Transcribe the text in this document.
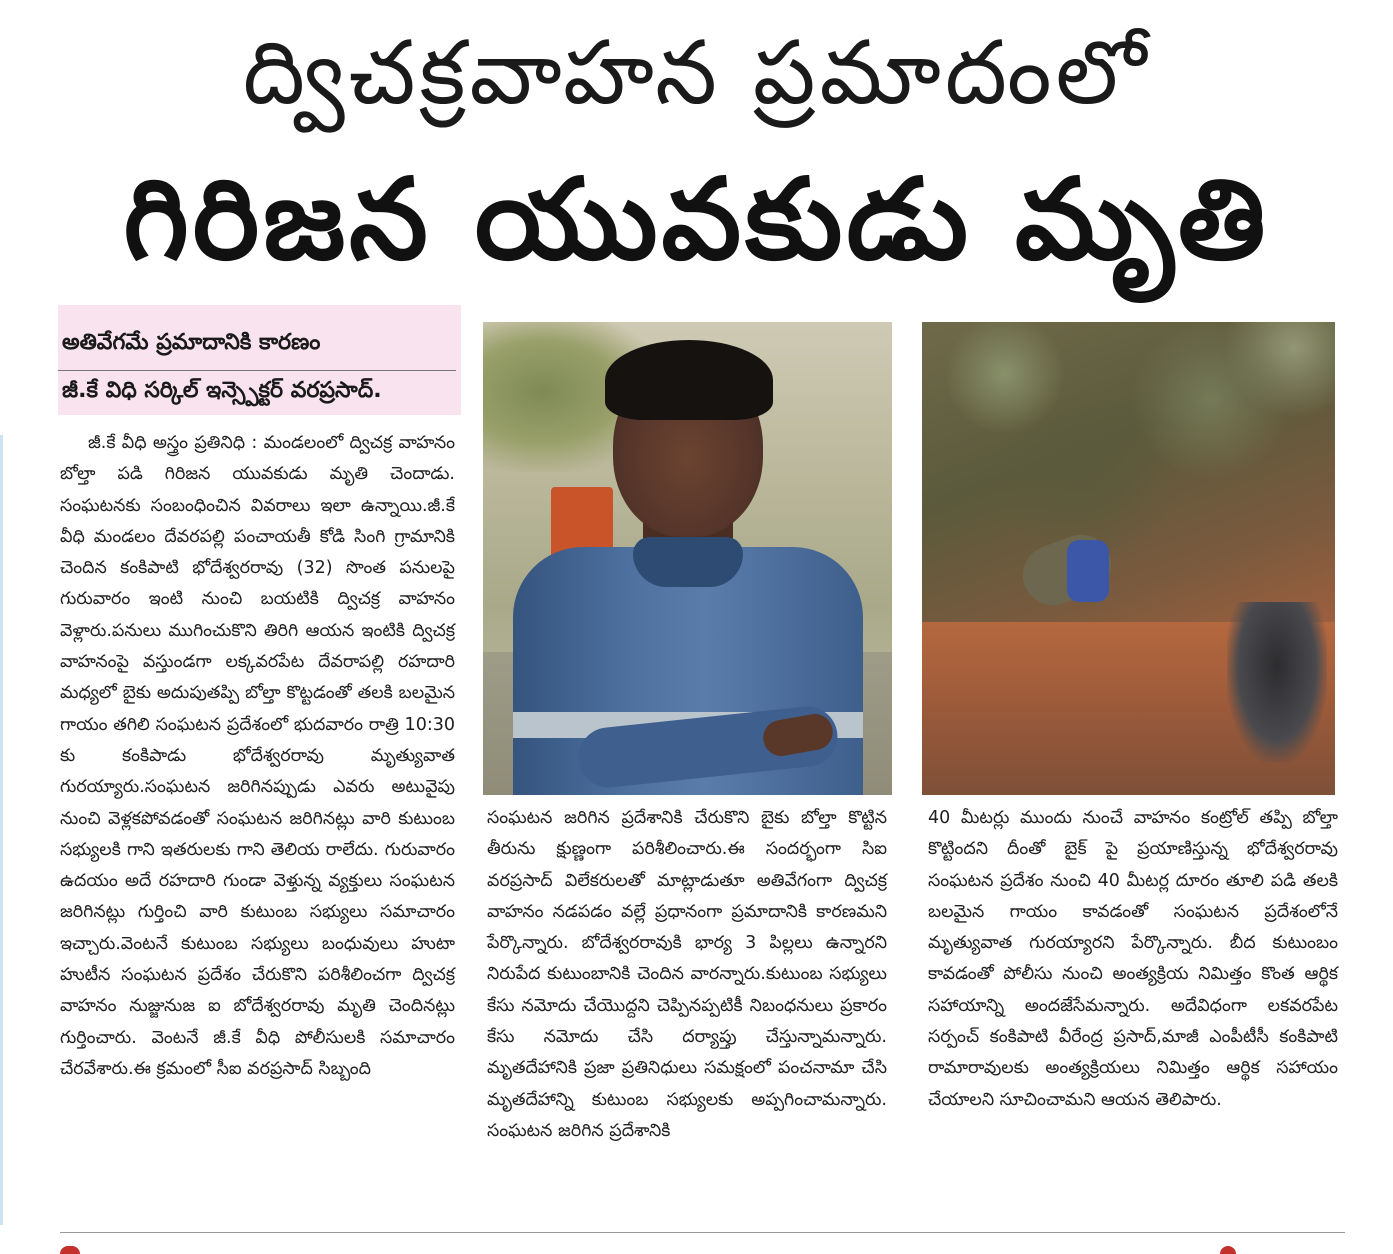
ద్విచక్రవాహన ప్రమాదంలో
గిరిజన యువకుడు మృతి
అతివేగమే ప్రమాదానికి కారణం
జీ.కే విధి సర్కిల్ ఇన్స్పెక్టర్ వరప్రసాద్.

జీ.కే వీధి అస్త్రం ప్రతినిధి : మండలంలో ద్విచక్ర వాహనం బోల్తా పడి గిరిజన యువకుడు మృతి చెందాడు. సంఘటనకు సంబంధించిన వివరాలు ఇలా ఉన్నాయి.జీ.కే వీధి మండలం దేవరపల్లి పంచాయతీ కోడి సింగి గ్రామానికి చెందిన కంకిపాటి భోదేశ్వరరావు (32) సొంత పనులపై గురువారం ఇంటి నుంచి బయటికి ద్విచక్ర వాహనం వెళ్లారు.పనులు ముగించుకొని తిరిగి ఆయన ఇంటికి ద్విచక్ర వాహనంపై వస్తుండగా లక్కవరపేట దేవరాపల్లి రహదారి మధ్యలో బైకు అదుపుతప్పి బోల్తా కొట్టడంతో తలకి బలమైన గాయం తగిలి సంఘటన ప్రదేశంలో భుదవారం రాత్రి 10:30 కు కంకిపాడు భోదేశ్వరరావు మృత్యువాత గురయ్యారు.సంఘటన జరిగినప్పుడు ఎవరు అటువైపు నుంచి వెళ్లకపోవడంతో సంఘటన జరిగినట్లు వారి కుటుంబ సభ్యులకి గాని ఇతరులకు గాని తెలియ రాలేదు. గురువారం ఉదయం అదే రహదారి గుండా వెళ్తున్న వ్యక్తులు సంఘటన జరిగినట్లు గుర్తించి వారి కుటుంబ సభ్యులు సమాచారం ఇచ్చారు.వెంటనే కుటుంబ సభ్యులు బంధువులు హుటా హుటీన సంఘటన ప్రదేశం చేరుకొని పరిశీలించగా ద్విచక్ర వాహనం నుజ్జునుజ ఐ బోదేశ్వరరావు మృతి చెందినట్లు గుర్తించారు. వెంటనే జీ.కే వీధి పోలీసులకి సమాచారం చేరవేశారు.ఈ క్రమంలో సీఐ వరప్రసాద్ సిబ్బంది

సంఘటన జరిగిన ప్రదేశానికి చేరుకొని బైకు బోల్తా కొట్టిన తీరును క్షుణ్ణంగా పరిశీలించారు.ఈ సందర్భంగా సిఐ వరప్రసాద్ విలేకరులతో మాట్లాడుతూ అతివేగంగా ద్విచక్ర వాహనం నడపడం వల్లే ప్రధానంగా ప్రమాదానికి కారణమని పేర్కొన్నారు. బోదేశ్వరరావుకి భార్య 3 పిల్లలు ఉన్నారని నిరుపేద కుటుంబానికి చెందిన వారన్నారు.కుటుంబ సభ్యులు కేసు నమోదు చేయొద్దని చెప్పినప్పటికీ నిబంధనులు ప్రకారం కేసు నమోదు చేసి దర్యాప్తు చేస్తున్నామన్నారు. మృతదేహానికి ప్రజా ప్రతినిధులు సమక్షంలో పంచనామా చేసి మృతదేహాన్ని కుటుంబ సభ్యులకు అప్పగించామన్నారు. సంఘటన జరిగిన ప్రదేశానికి

40 మీటర్లు ముందు నుంచే వాహనం కంట్రోల్ తప్పి బోల్తా కొట్టిందని దీంతో బైక్ పై ప్రయాణిస్తున్న భోదేశ్వరరావు సంఘటన ప్రదేశం నుంచి 40 మీటర్ల దూరం తూలి పడి తలకి బలమైన గాయం కావడంతో సంఘటన ప్రదేశంలోనే మృత్యువాత గురయ్యారని పేర్కొన్నారు. బీద కుటుంబం కావడంతో పోలీసు నుంచి అంత్యక్రియ నిమిత్తం కొంత ఆర్థిక సహాయాన్ని అందజేసేమన్నారు. అదేవిధంగా లకవరపేట సర్పంచ్ కంకిపాటి వీరేంద్ర ప్రసాద్,మాజీ ఎంపీటీసీ కంకిపాటి రామారావులకు అంత్యక్రియలు నిమిత్తం ఆర్థిక సహాయం చేయాలని సూచించామని ఆయన తెలిపారు.
